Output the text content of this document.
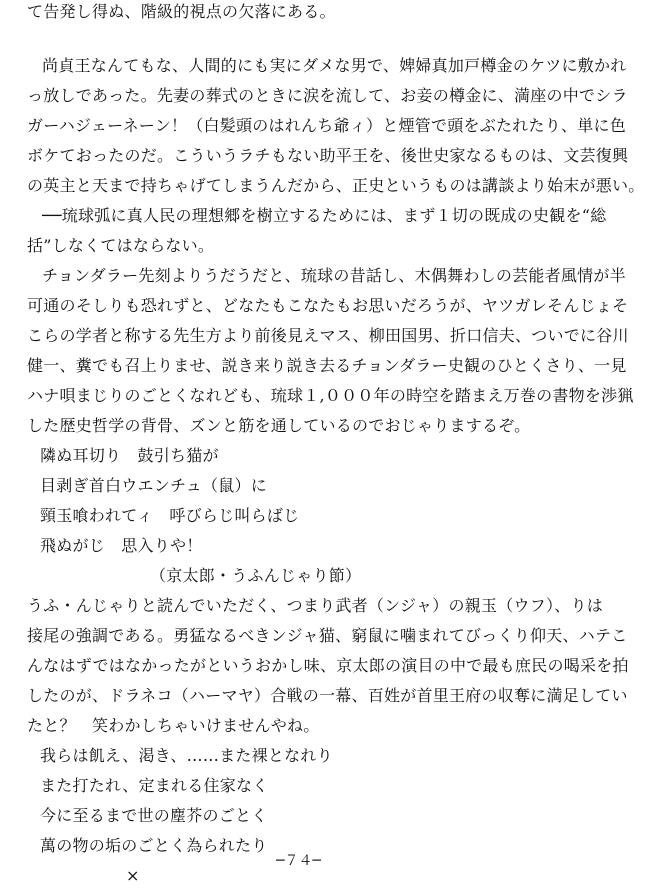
て告発し得ぬ、階級的視点の欠落にある。
尚貞王なんてもな、人間的にも実にダメな男で、婢婦真加戸樽金のケツに敷かれ
っ放しであった。先妻の葬式のときに涙を流して、お妾の樽金に、満座の中でシラ
ガーハジェーネーン！（白髪頭のはれんち爺ィ）と煙管で頭をぶたれたり、単に色
ボケておったのだ。こういうラチもない助平王を、後世史家なるものは、文芸復興
の英主と天まで持ちゃげてしまうんだから、正史というものは講談より始末が悪い。
──琉球弧に真人民の理想郷を樹立するためには、まず１切の既成の史観を“総
括”しなくてはならない。
チョンダラー先刻よりうだうだと、琉球の昔話し、木偶舞わしの芸能者風情が半
可通のそしりも恐れずと、どなたもこなたもお思いだろうが、ヤツガレそんじょそ
こらの学者と称する先生方より前後見えマス、柳田国男、折口信夫、ついでに谷川
健一、糞でも召上りませ、説き来り説き去るチョンダラー史観のひとくさり、一見
ハナ唄まじりのごとくなれども、琉球１,０００年の時空を踏まえ万巻の書物を渉猟
した歴史哲学の背骨、ズンと筋を通しているのでおじゃりまするぞ。
隣ぬ耳切り　鼓引ち猫が
目剥ぎ首白ウエンチュ（鼠）に
頸玉喰われてィ　呼びらじ叫らばじ
飛ぬがじ　思入りや！
（京太郎・うふんじゃり節）
うふ・んじゃりと読んでいただく、つまり武者（ンジャ）の親玉（ウフ）、りは
接尾の強調である。勇猛なるべきンジャ猫、窮鼠に噛まれてびっくり仰天、ハテこ
んなはずではなかったがというおかし味、京太郎の演目の中で最も庶民の喝采を拍
したのが、ドラネコ（ハーマヤ）合戦の一幕、百姓が首里王府の収奪に満足してい
たと？　笑わかしちゃいけませんやね。
我らは飢え、渇き、……また裸となれり
また打たれ、定まれる住家なく
今に至るまで世の塵芥のごとく
萬の物の垢のごとく為られたり
×
─７４─
